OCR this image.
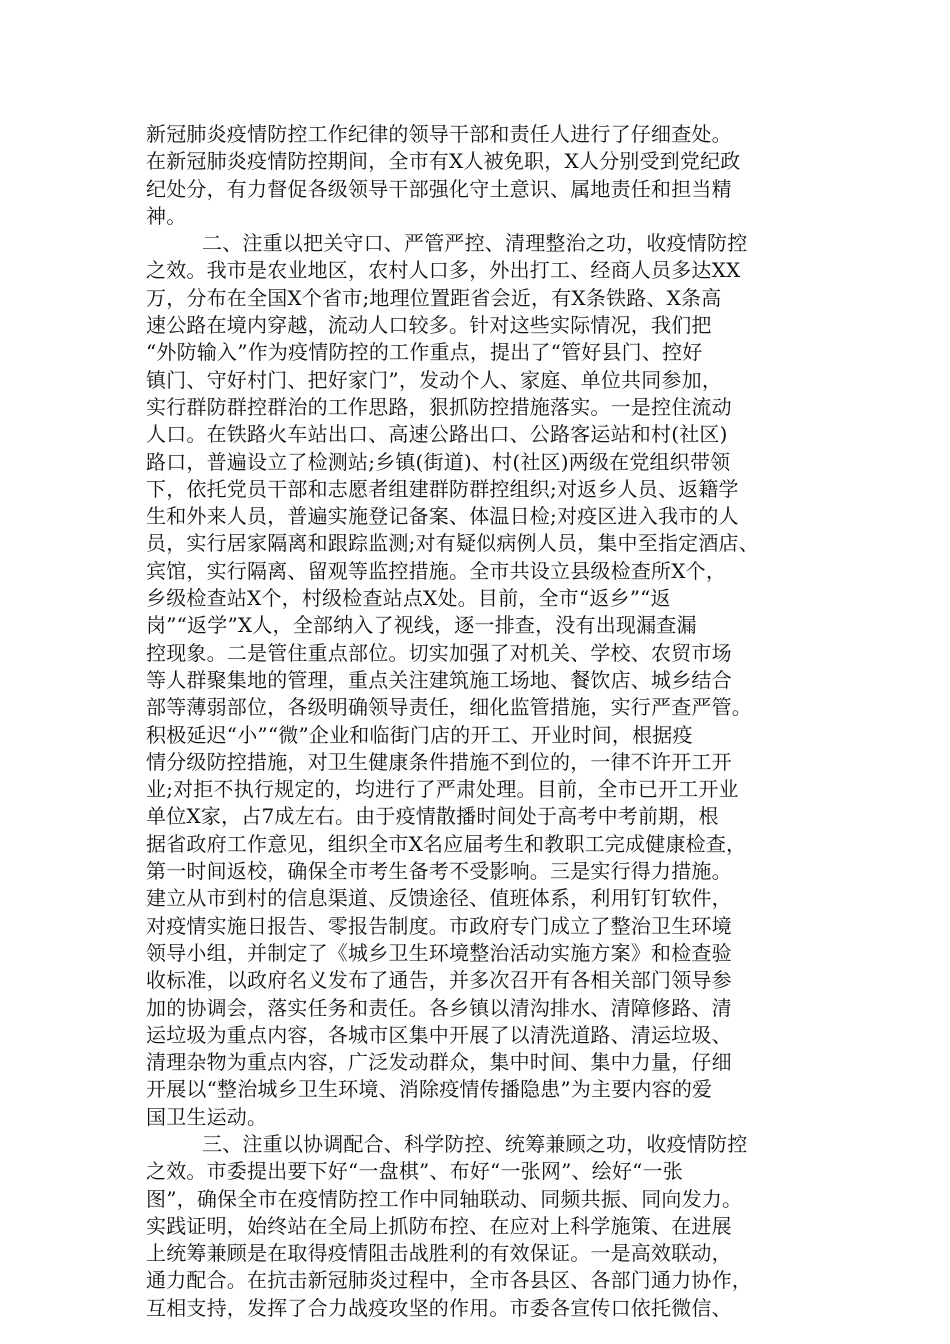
新冠肺炎疫情防控工作纪律的领导干部和责任人进行了仔细查处。
在新冠肺炎疫情防控期间，全市有X人被免职，X人分别受到党纪政
纪处分，有力督促各级领导干部强化守土意识、属地责任和担当精
神。
二、注重以把关守口、严管严控、清理整治之功，收疫情防控
之效。我市是农业地区，农村人口多，外出打工、经商人员多达XX
万，分布在全国X个省市;地理位置距省会近，有X条铁路、X条高
速公路在境内穿越，流动人口较多。针对这些实际情况，我们把
“外防输入”作为疫情防控的工作重点，提出了“管好县门、控好
镇门、守好村门、把好家门”，发动个人、家庭、单位共同参加，
实行群防群控群治的工作思路，狠抓防控措施落实。一是控住流动
人口。在铁路火车站出口、高速公路出口、公路客运站和村(社区)
路口，普遍设立了检测站;乡镇(街道)、村(社区)两级在党组织带领
下，依托党员干部和志愿者组建群防群控组织;对返乡人员、返籍学
生和外来人员，普遍实施登记备案、体温日检;对疫区进入我市的人
员，实行居家隔离和跟踪监测;对有疑似病例人员，集中至指定酒店、
宾馆，实行隔离、留观等监控措施。全市共设立县级检查所X个，
乡级检查站X个，村级检查站点X处。目前，全市“返乡”“返
岗”“返学”X人，全部纳入了视线，逐一排查，没有出现漏查漏
控现象。二是管住重点部位。切实加强了对机关、学校、农贸市场
等人群聚集地的管理，重点关注建筑施工场地、餐饮店、城乡结合
部等薄弱部位，各级明确领导责任，细化监管措施，实行严查严管。
积极延迟“小”“微”企业和临街门店的开工、开业时间，根据疫
情分级防控措施，对卫生健康条件措施不到位的，一律不许开工开
业;对拒不执行规定的，均进行了严肃处理。目前，全市已开工开业
单位X家，占7成左右。由于疫情散播时间处于高考中考前期，根
据省政府工作意见，组织全市X名应届考生和教职工完成健康检查，
第一时间返校，确保全市考生备考不受影响。三是实行得力措施。
建立从市到村的信息渠道、反馈途径、值班体系，利用钉钉软件，
对疫情实施日报告、零报告制度。市政府专门成立了整治卫生环境
领导小组，并制定了《城乡卫生环境整治活动实施方案》和检查验
收标准，以政府名义发布了通告，并多次召开有各相关部门领导参
加的协调会，落实任务和责任。各乡镇以清沟排水、清障修路、清
运垃圾为重点内容，各城市区集中开展了以清洗道路、清运垃圾、
清理杂物为重点内容，广泛发动群众，集中时间、集中力量，仔细
开展以“整治城乡卫生环境、消除疫情传播隐患”为主要内容的爱
国卫生运动。
三、注重以协调配合、科学防控、统筹兼顾之功，收疫情防控
之效。市委提出要下好“一盘棋”、布好“一张网”、绘好“一张
图”，确保全市在疫情防控工作中同轴联动、同频共振、同向发力。
实践证明，始终站在全局上抓防布控、在应对上科学施策、在进展
上统筹兼顾是在取得疫情阻击战胜利的有效保证。一是高效联动，
通力配合。在抗击新冠肺炎过程中，全市各县区、各部门通力协作，
互相支持，发挥了合力战疫攻坚的作用。市委各宣传口依托微信、
